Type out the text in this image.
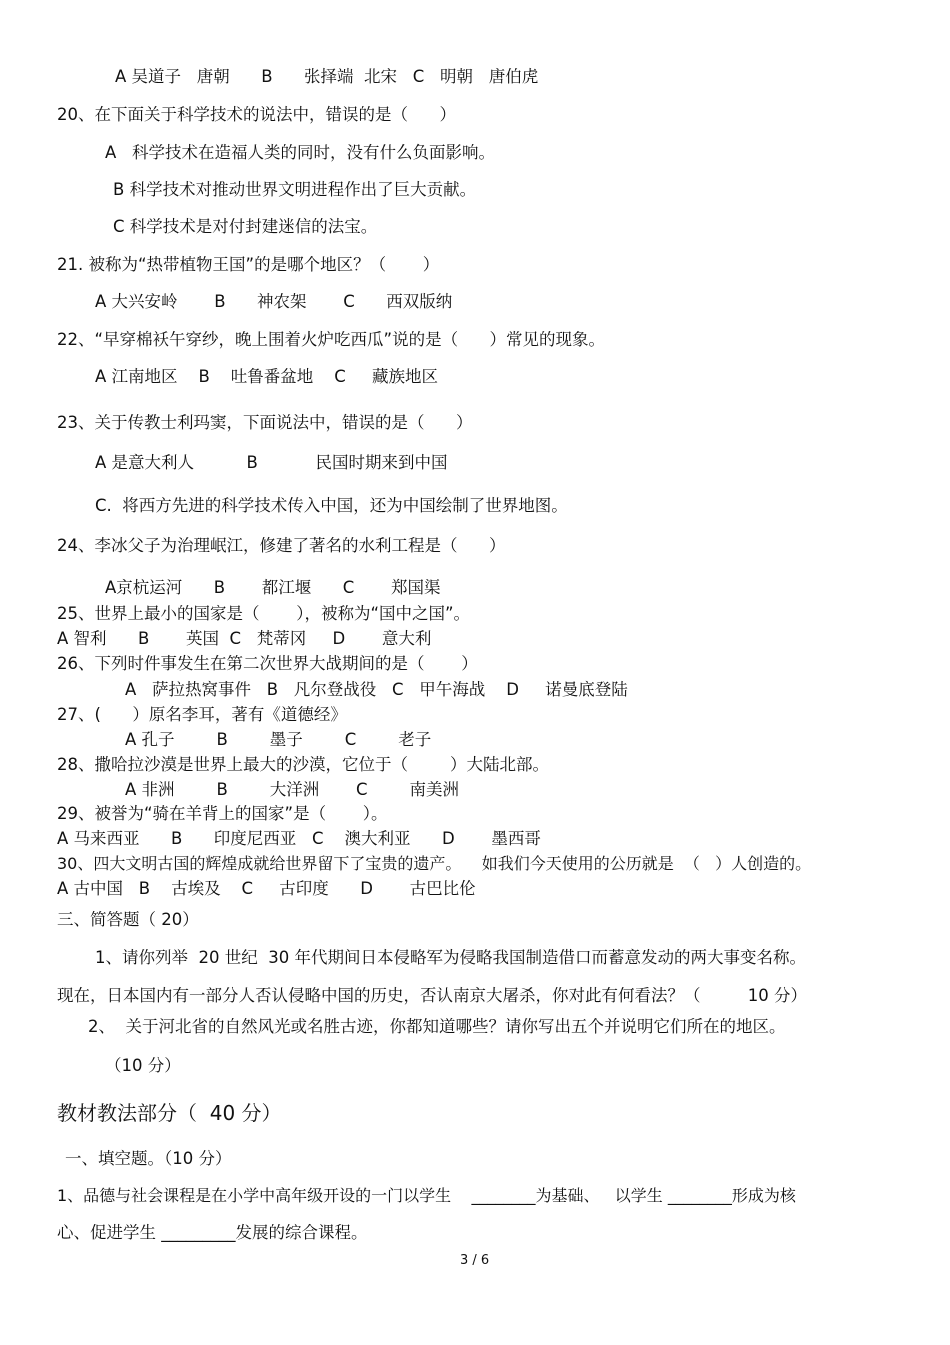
A 吴道子   唐朝      B      张择端  北宋   C   明朝   唐伯虎
20、在下面关于科学技术的说法中，错误的是（      ）
A   科学技术在造福人类的同时，没有什么负面影响。
B 科学技术对推动世界文明进程作出了巨大贡献。
C 科学技术是对付封建迷信的法宝。
21. 被称为“热带植物王国”的是哪个地区？（       ）
A 大兴安岭       B      神农架       C      西双版纳
22、“早穿棉袄午穿纱，晚上围着火炉吃西瓜”说的是（      ）常见的现象。
A 江南地区    B    吐鲁番盆地    C     藏族地区
23、关于传教士利玛窦，下面说法中，错误的是（      ）
A 是意大利人          B           民国时期来到中国
C.  将西方先进的科学技术传入中国，还为中国绘制了世界地图。
24、李冰父子为治理岷江，修建了著名的水利工程是（      ）
A京杭运河      B       都江堰      C       郑国渠
25、世界上最小的国家是（       ），被称为“国中之国”。
A 智利      B       英国  C   梵蒂冈     D       意大利
26、下列时件事发生在第二次世界大战期间的是（       ）
A   萨拉热窝事件   B   凡尔登战役   C   甲午海战    D     诺曼底登陆
27、(      ）原名李耳，著有《道德经》
A 孔子        B        墨子        C        老子
28、撒哈拉沙漠是世界上最大的沙漠，它位于（        ）大陆北部。
A 非洲        B        大洋洲       C        南美洲
29、被誉为“骑在羊背上的国家”是（       ）。
A 马来西亚      B      印度尼西亚   C    澳大利亚      D       墨西哥
30、四大文明古国的辉煌成就给世界留下了宝贵的遗产。    如我们今天使用的公历就是  （   ）人创造的。
A 古中国   B    古埃及    C     古印度      D       古巴比伦
三、简答题（ 20）
1、请你列举  20 世纪  30 年代期间日本侵略军为侵略我国制造借口而蓄意发动的两大事变名称。
现在，日本国内有一部分人否认侵略中国的历史，否认南京大屠杀，你对此有何看法？（         10 分）
2、  关于河北省的自然风光或名胜古迹，你都知道哪些？请你写出五个并说明它们所在的地区。
（10 分）
教材教法部分（  40 分）
一、填空题。（10 分）
1、品德与社会课程是在小学中高年级开设的一门以学生    ________为基础、   以学生 ________形成为核
心、促进学生 _________发展的综合课程。
3 / 6
